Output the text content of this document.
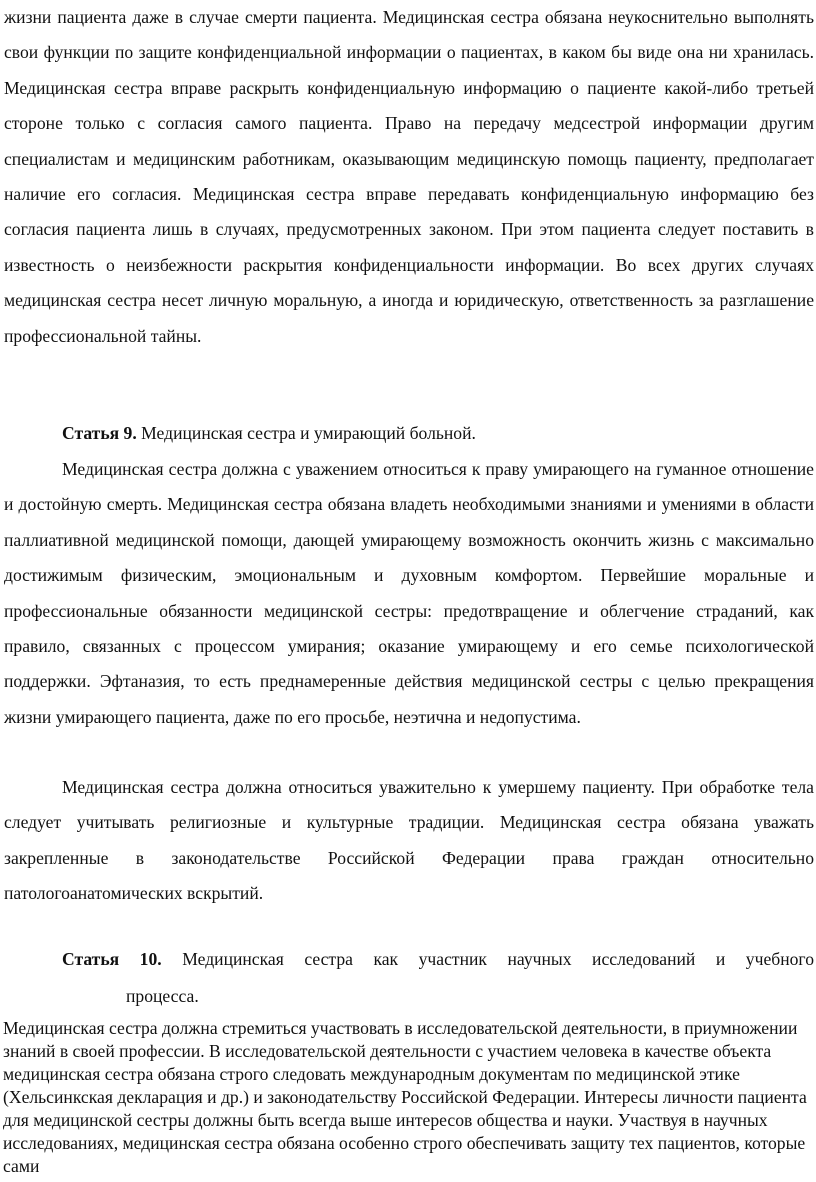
жизни пациента даже в случае смерти пациента. Медицинская сестра обязана неукоснительно выполнять свои функции по защите конфиденциальной информации о пациентах, в каком бы виде она ни хранилась. Медицинская сестра вправе раскрыть конфиденциальную информацию о пациенте какой-либо третьей стороне только с согласия самого пациента. Право на передачу медсестрой информации другим специалистам и медицинским работникам, оказывающим медицинскую помощь пациенту, предполагает наличие его согласия. Медицинская сестра вправе передавать конфиденциальную информацию без согласия пациента лишь в случаях, предусмотренных законом. При этом пациента следует поставить в известность о неизбежности раскрытия конфиденциальности информации. Во всех других случаях медицинская сестра несет личную моральную, а иногда и юридическую, ответственность за разглашение профессиональной тайны.

Статья 9. Медицинская сестра и умирающий больной.

Медицинская сестра должна с уважением относиться к праву умирающего на гуманное отношение и достойную смерть. Медицинская сестра обязана владеть необходимыми знаниями и умениями в области паллиативной медицинской помощи, дающей умирающему возможность окончить жизнь с максимально достижимым физическим, эмоциональным и духовным комфортом. Первейшие моральные и профессиональные обязанности медицинской сестры: предотвращение и облегчение страданий, как правило, связанных с процессом умирания; оказание умирающему и его семье психологической поддержки. Эфтаназия, то есть преднамеренные действия медицинской сестры с целью прекращения жизни умирающего пациента, даже по его просьбе, неэтична и недопустима.

Медицинская сестра должна относиться уважительно к умершему пациенту. При обработке тела следует учитывать религиозные и культурные традиции. Медицинская сестра обязана уважать закрепленные в законодательстве Российской Федерации права граждан относительно патологоанатомических вскрытий.

Статья 10. Медицинская сестра как участник научных исследований и учебного

процесса.

Медицинская сестра должна стремиться участвовать в исследовательской деятельности, в приумножении знаний в своей профессии. В исследовательской деятельности с участием человека в качестве объекта медицинская сестра обязана строго следовать международным документам по медицинской этике (Хельсинкская декларация и др.) и законодательству Российской Федерации. Интересы личности пациента для медицинской сестры должны быть всегда выше интересов общества и науки. Участвуя в научных исследованиях, медицинская сестра обязана особенно строго обеспечивать защиту тех пациентов, которые сами
